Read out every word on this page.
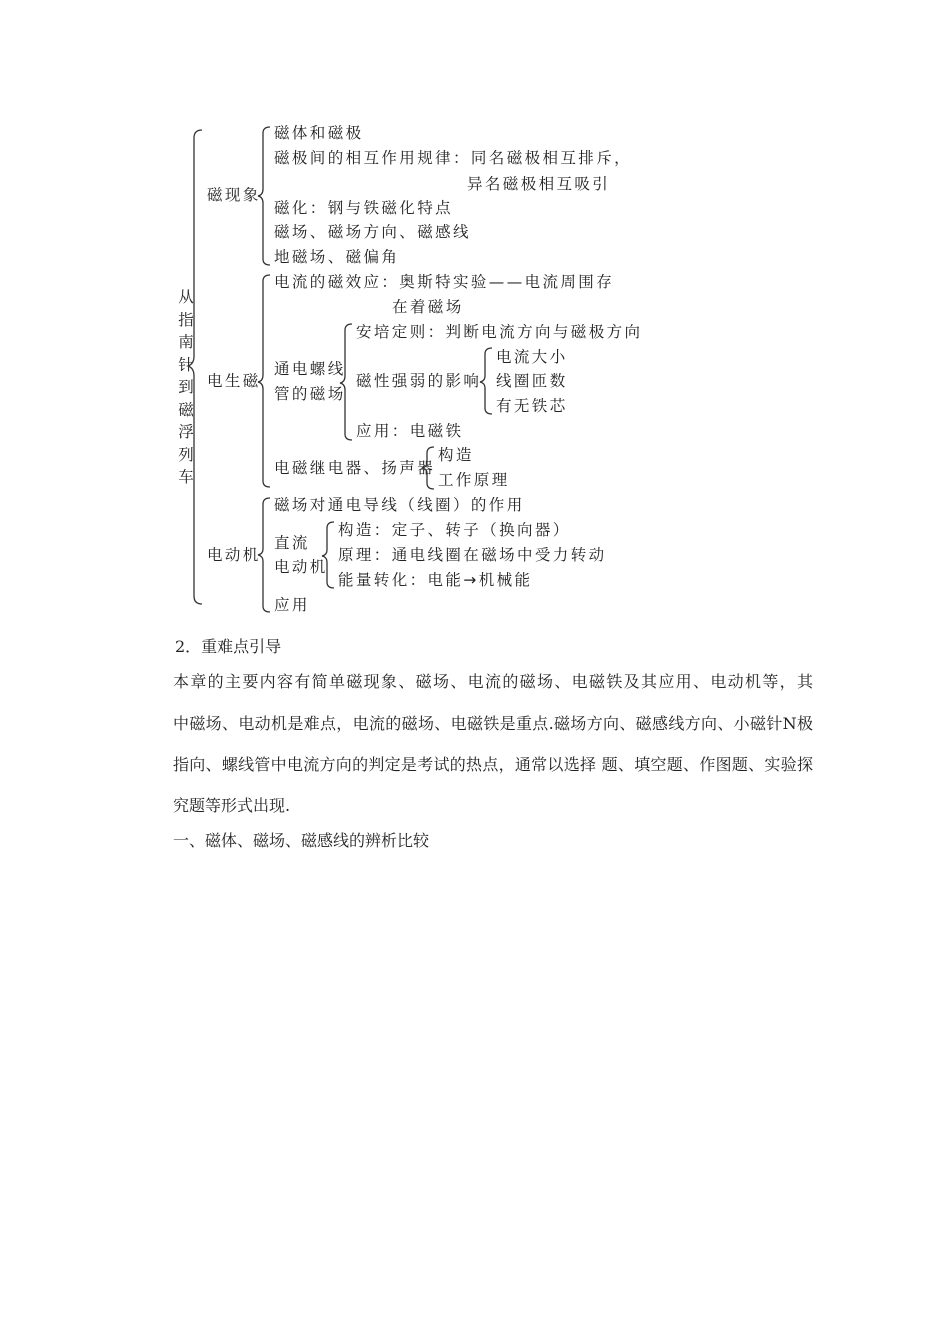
从
指
南
针
到
磁
浮
列
车
磁现象
磁体和磁极
磁极间的相互作用规律：同名磁极相互排斥，
异名磁极相互吸引
磁化：钢与铁磁化特点
磁场、磁场方向、磁感线
地磁场、磁偏角
电生磁
电流的磁效应：奥斯特实验——电流周围存
在着磁场
通电螺线
管的磁场
安培定则：判断电流方向与磁极方向
磁性强弱的影响
电流大小
线圈匝数
有无铁芯
应用：电磁铁
电磁继电器、扬声器
构造
工作原理
电动机
磁场对通电导线（线圈）的作用
直流
电动机
构造：定子、转子（换向器）
原理：通电线圈在磁场中受力转动
能量转化：电能→机械能
应用
2．重难点引导
本章的主要内容有简单磁现象、磁场、电流的磁场、电磁铁及其应用、电动机等，其
中磁场、电动机是难点，电流的磁场、电磁铁是重点.磁场方向、磁感线方向、小磁针N极
指向、螺线管中电流方向的判定是考试的热点，通常以选择 题、填空题、作图题、实验探
究题等形式出现.
一、磁体、磁场、磁感线的辨析比较
